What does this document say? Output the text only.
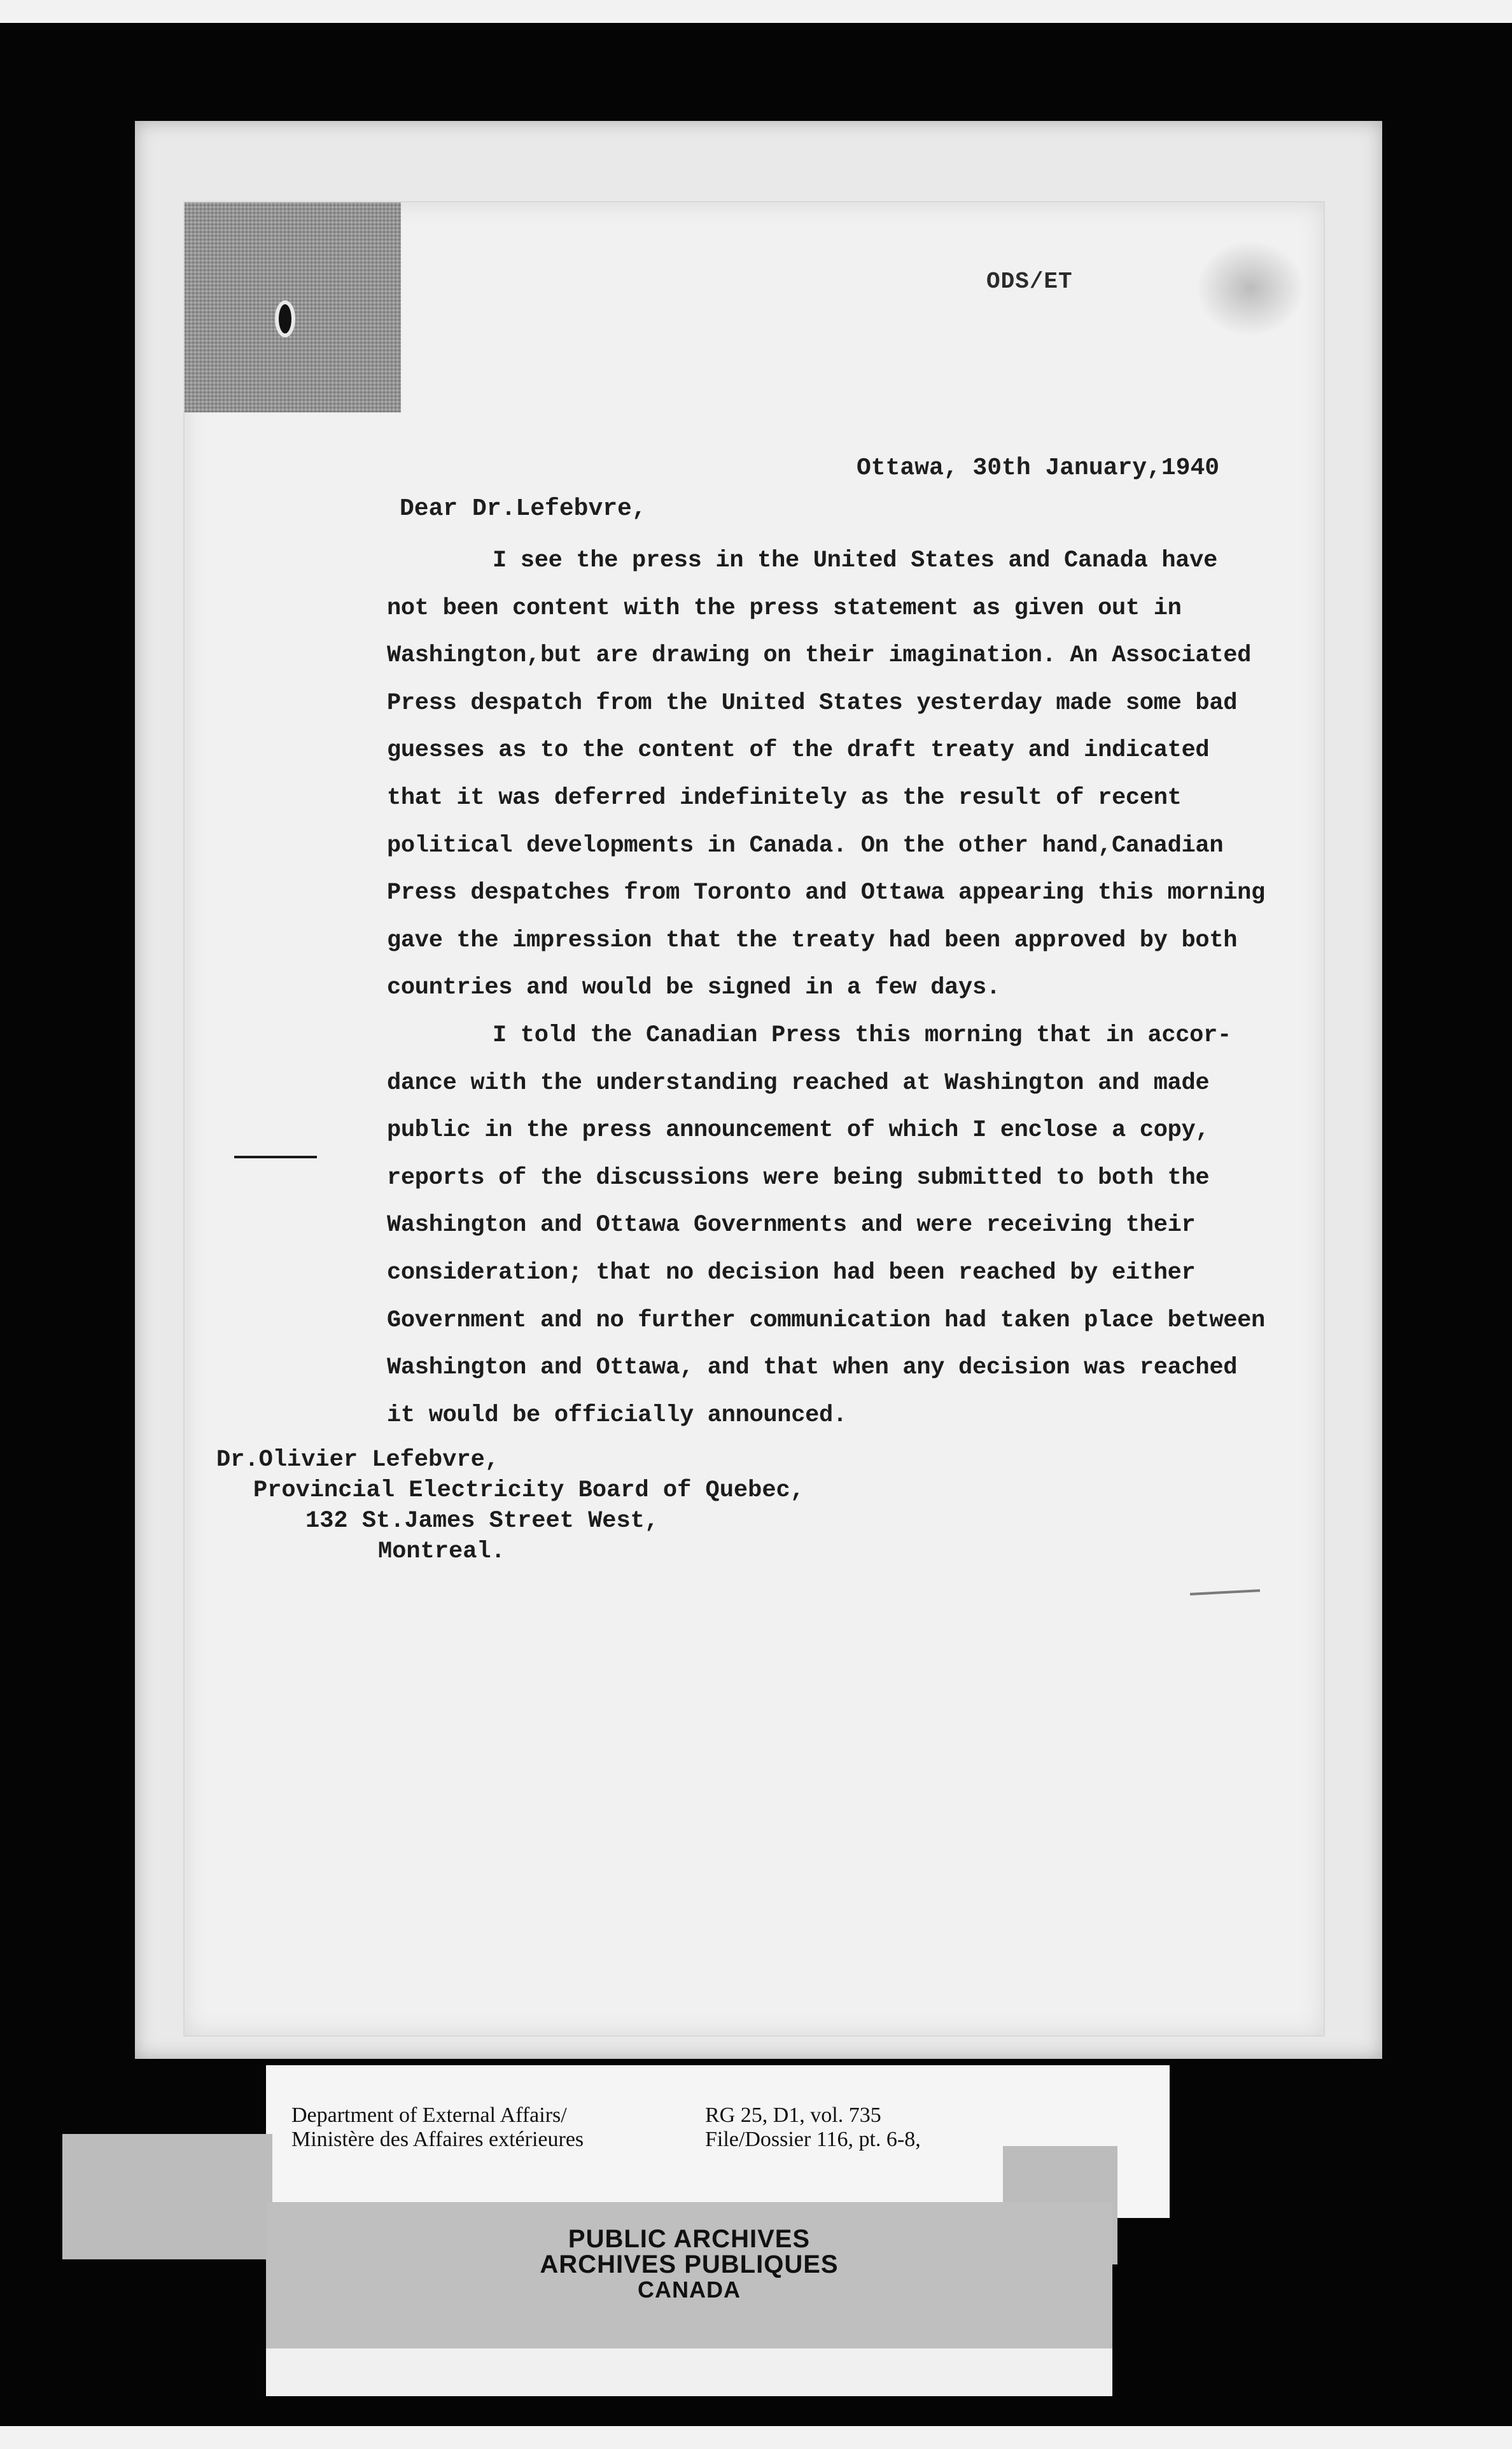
ODS/ET
Ottawa, 30th January,1940
Dear Dr.Lefebvre,
I see the press in the United States and Canada have
not been content with the press statement as given out in
Washington,but are drawing on their imagination. An Associated
Press despatch from the United States yesterday made some bad
guesses as to the content of the draft treaty and indicated
that it was deferred indefinitely as the result of recent
political developments in Canada. On the other hand,Canadian
Press despatches from Toronto and Ottawa appearing this morning
gave the impression that the treaty had been approved by both
countries and would be signed in a few days.
I told the Canadian Press this morning that in accor-
dance with the understanding reached at Washington and made
public in the press announcement of which I enclose a copy,
reports of the discussions were being submitted to both the
Washington and Ottawa Governments and were receiving their
consideration; that no decision had been reached by either
Government and no further communication had taken place between
Washington and Ottawa, and that when any decision was reached
it would be officially announced.
Dr.Olivier Lefebvre,
Provincial Electricity Board of Quebec,
132 St.James Street West,
Montreal.
Department of External Affairs/
Ministère des Affaires extérieures
RG 25, D1, vol. 735
File/Dossier 116, pt. 6-8,
PUBLIC ARCHIVES
ARCHIVES PUBLIQUES
CANADA
